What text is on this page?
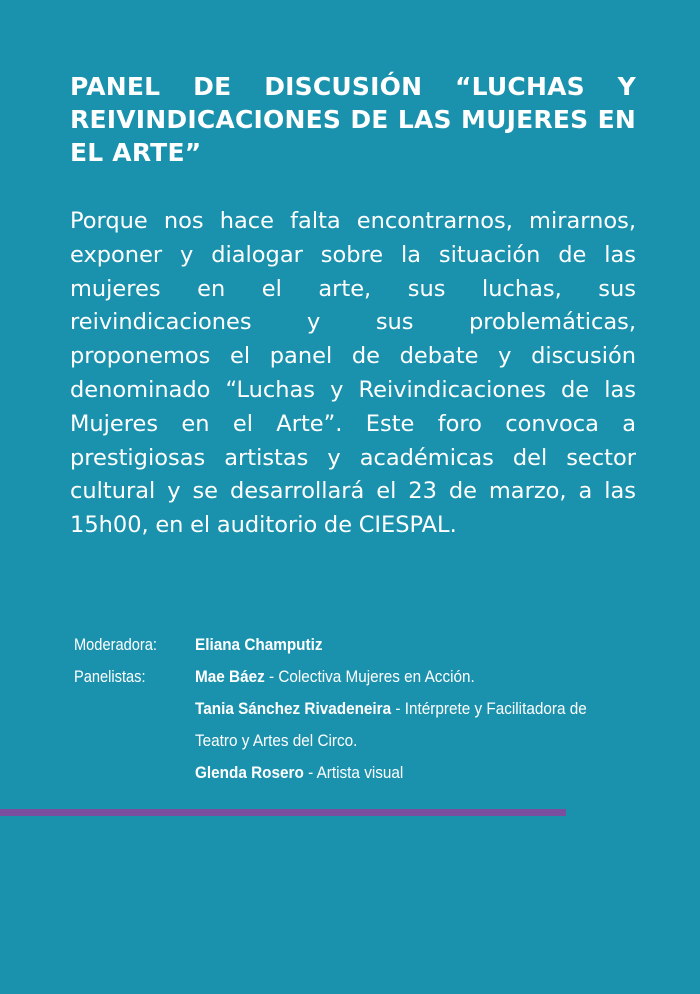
PANEL DE DISCUSIÓN “LUCHAS Y REIVINDICACIONES DE LAS MUJERES EN EL ARTE”

Porque nos hace falta encontrarnos, mirarnos, exponer y dialogar sobre la situación de las mujeres en el arte, sus luchas, sus reivindicaciones y sus problemáticas, proponemos el panel de debate y discusión denominado “Luchas y Reivindicaciones de las Mujeres en el Arte”. Este foro convoca a prestigiosas artistas y académicas del sector cultural y se desarrollará el 23 de marzo, a las 15h00, en el auditorio de CIESPAL.

Moderadora:	Eliana Champutiz
Panelistas:	Mae Báez - Colectiva Mujeres en Acción.
Tania Sánchez Rivadeneira - Intérprete y Facilitadora de Teatro y Artes del Circo.
Glenda Rosero - Artista visual
